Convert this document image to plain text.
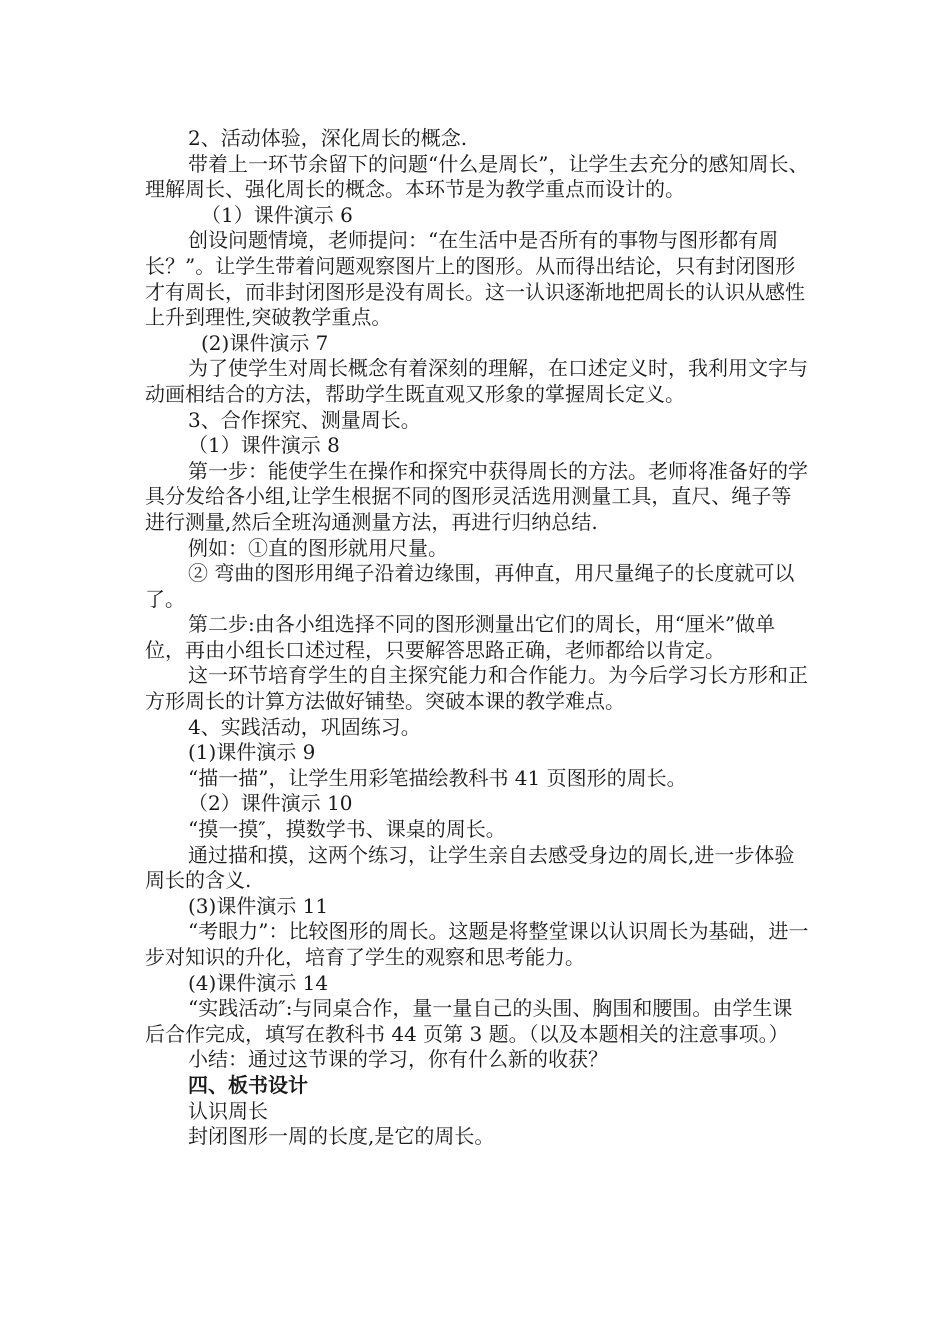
2、活动体验，深化周长的概念.

带着上一环节余留下的问题“什么是周长”，让学生去充分的感知周长、理解周长、强化周长的概念。本环节是为教学重点而设计的。

（1）课件演示 6

创设问题情境，老师提问：“在生活中是否所有的事物与图形都有周长？”。让学生带着问题观察图片上的图形。从而得出结论，只有封闭图形才有周长，而非封闭图形是没有周长。这一认识逐渐地把周长的认识从感性上升到理性,突破教学重点。

(2)课件演示 7

为了使学生对周长概念有着深刻的理解，在口述定义时，我利用文字与动画相结合的方法，帮助学生既直观又形象的掌握周长定义。

3、合作探究、测量周长。

（1）课件演示 8

第一步：能使学生在操作和探究中获得周长的方法。老师将准备好的学具分发给各小组,让学生根据不同的图形灵活选用测量工具，直尺、绳子等进行测量,然后全班沟通测量方法，再进行归纳总结.

例如：①直的图形就用尺量。

② 弯曲的图形用绳子沿着边缘围，再伸直，用尺量绳子的长度就可以了。

第二步:由各小组选择不同的图形测量出它们的周长，用“厘米”做单位，再由小组长口述过程，只要解答思路正确，老师都给以肯定。

这一环节培育学生的自主探究能力和合作能力。为今后学习长方形和正方形周长的计算方法做好铺垫。突破本课的教学难点。

4、实践活动，巩固练习。

(1)课件演示 9

“描一描”，让学生用彩笔描绘教科书 41 页图形的周长。

（2）课件演示 10

“摸一摸″，摸数学书、课桌的周长。

通过描和摸，这两个练习，让学生亲自去感受身边的周长,进一步体验周长的含义.

(3)课件演示 11

“考眼力”：比较图形的周长。这题是将整堂课以认识周长为基础，进一步对知识的升化，培育了学生的观察和思考能力。

(4)课件演示 14

“实践活动″:与同桌合作，量一量自己的头围、胸围和腰围。由学生课后合作完成，填写在教科书 44 页第 3 题。（以及本题相关的注意事项。）

小结：通过这节课的学习，你有什么新的收获？

四、板书设计

认识周长

封闭图形一周的长度,是它的周长。
